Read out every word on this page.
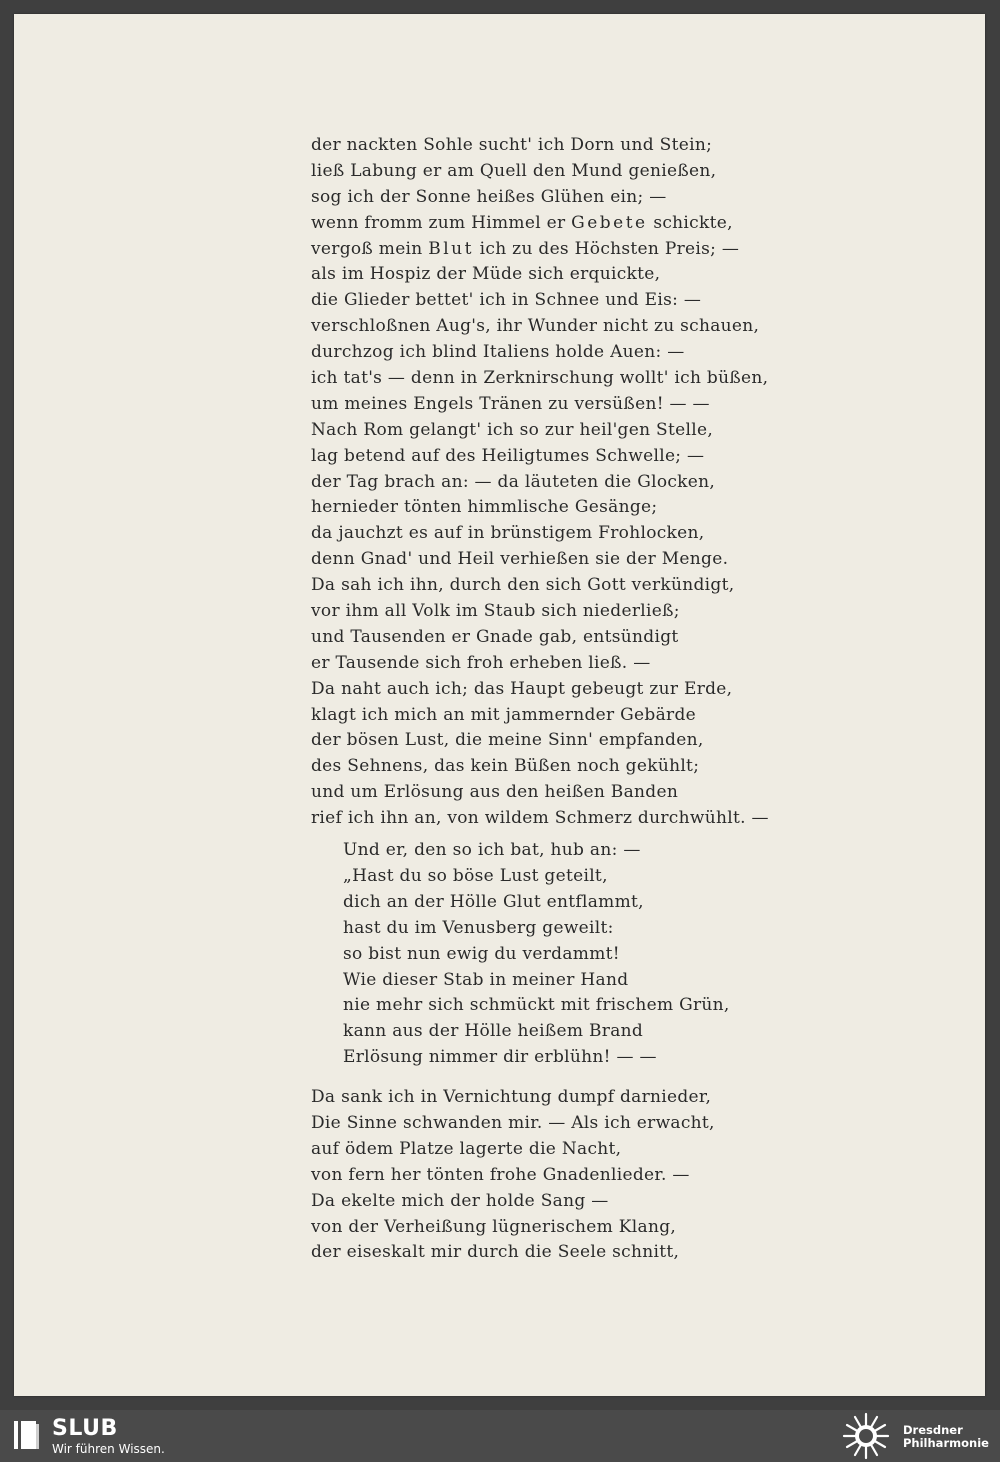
der nackten Sohle sucht' ich Dorn und Stein;
ließ Labung er am Quell den Mund genießen,
sog ich der Sonne heißes Glühen ein; —
wenn fromm zum Himmel er Gebete schickte,
vergoß mein Blut ich zu des Höchsten Preis; —
als im Hospiz der Müde sich erquickte,
die Glieder bettet' ich in Schnee und Eis: —
verschloßnen Aug's, ihr Wunder nicht zu schauen,
durchzog ich blind Italiens holde Auen: —
ich tat's — denn in Zerknirschung wollt' ich büßen,
um meines Engels Tränen zu versüßen! — —
Nach Rom gelangt' ich so zur heil'gen Stelle,
lag betend auf des Heiligtumes Schwelle; —
der Tag brach an: — da läuteten die Glocken,
hernieder tönten himmlische Gesänge;
da jauchzt es auf in brünstigem Frohlocken,
denn Gnad' und Heil verhießen sie der Menge.
Da sah ich ihn, durch den sich Gott verkündigt,
vor ihm all Volk im Staub sich niederließ;
und Tausenden er Gnade gab, entsündigt
er Tausende sich froh erheben ließ. —
Da naht auch ich; das Haupt gebeugt zur Erde,
klagt ich mich an mit jammernder Gebärde
der bösen Lust, die meine Sinn' empfanden,
des Sehnens, das kein Büßen noch gekühlt;
und um Erlösung aus den heißen Banden
rief ich ihn an, von wildem Schmerz durchwühlt. —
Und er, den so ich bat, hub an: —
„Hast du so böse Lust geteilt,
dich an der Hölle Glut entflammt,
hast du im Venusberg geweilt:
so bist nun ewig du verdammt!
Wie dieser Stab in meiner Hand
nie mehr sich schmückt mit frischem Grün,
kann aus der Hölle heißem Brand
Erlösung nimmer dir erblühn! — —
Da sank ich in Vernichtung dumpf darnieder,
Die Sinne schwanden mir. — Als ich erwacht,
auf ödem Platze lagerte die Nacht,
von fern her tönten frohe Gnadenlieder. —
Da ekelte mich der holde Sang —
von der Verheißung lügnerischem Klang,
der eiseskalt mir durch die Seele schnitt,
SLUB
Wir führen Wissen.
Dresdner
Philharmonie
